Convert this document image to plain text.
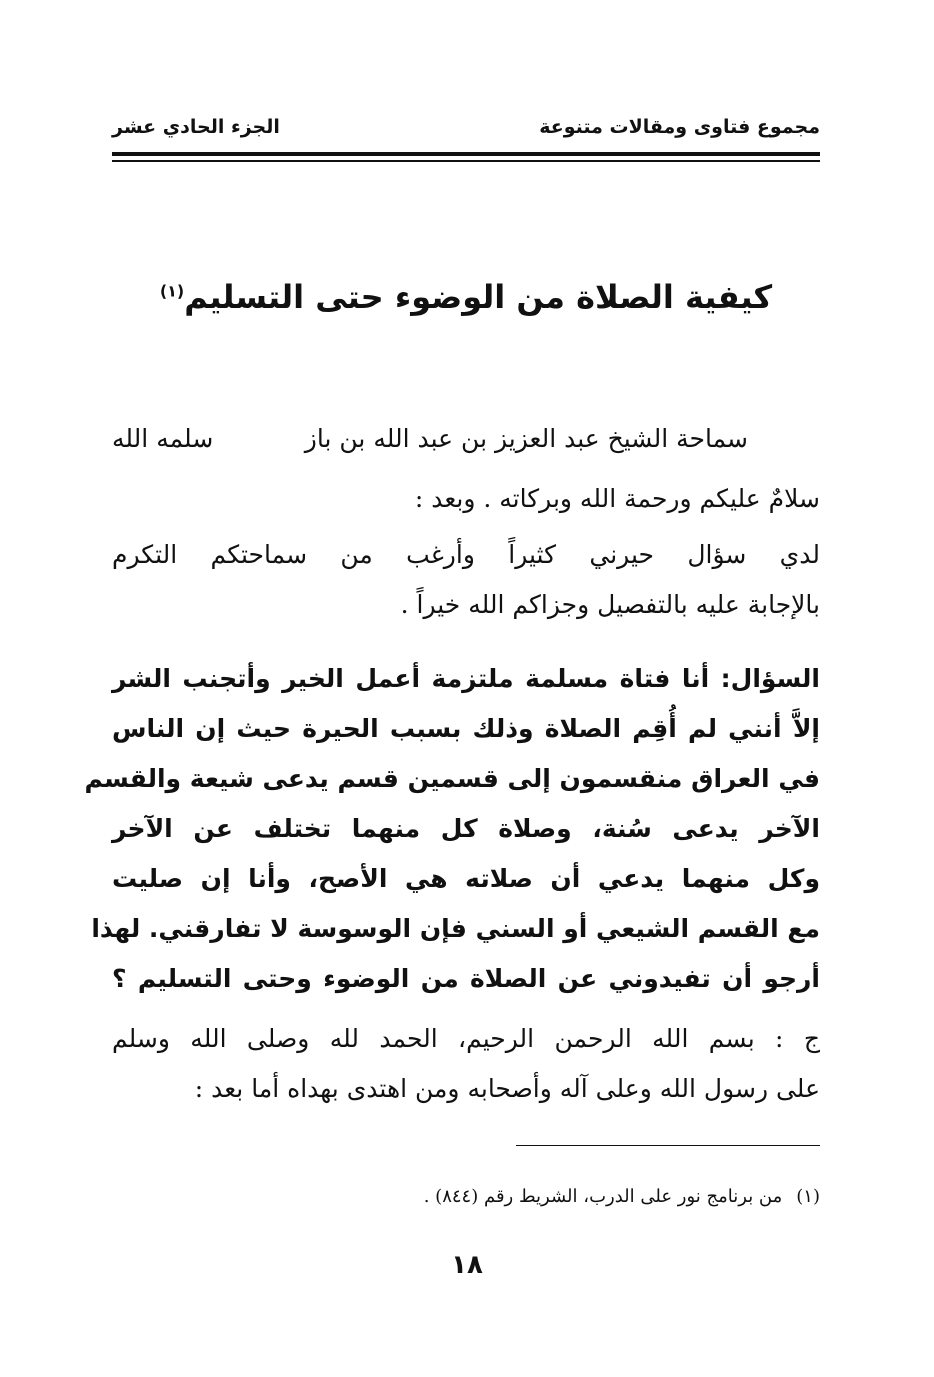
مجموع فتاوى ومقالات متنوعة
الجزء الحادي عشر
كيفية الصلاة من الوضوء حتى التسليم$^{(١)}$
سماحة الشيخ عبد العزيز بن عبد الله بن باز
سلمه الله
سلامٌ عليكم ورحمة الله وبركاته . وبعد :
لدي سؤال حيرني كثيراً وأرغب من سماحتكم التكرم
بالإجابة عليه بالتفصيل وجزاكم الله خيراً .
السؤال: أنا فتاة مسلمة ملتزمة أعمل الخير وأتجنب الشر
إلاَّ أنني لم أُقِم الصلاة وذلك بسبب الحيرة حيث إن الناس
في العراق منقسمون إلى قسمين قسم يدعى شيعة والقسم
الآخر يدعى سُنة، وصلاة كل منهما تختلف عن الآخر
وكل منهما يدعي أن صلاته هي الأصح، وأنا إن صليت
مع القسم الشيعي أو السني فإن الوسوسة لا تفارقني. لهذا
أرجو أن تفيدوني عن الصلاة من الوضوء وحتى التسليم ؟
ج : بسم الله الرحمن الرحيم، الحمد لله وصلى الله وسلم
على رسول الله وعلى آله وأصحابه ومن اهتدى بهداه أما بعد :
(١)من برنامج نور على الدرب، الشريط رقم (٨٤٤) .
١٨
